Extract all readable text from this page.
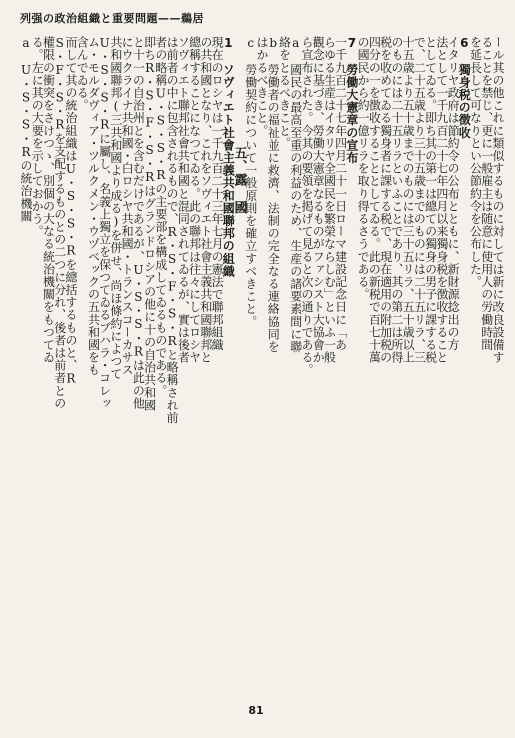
列强の政治組織と重要問題——鵜居
ール其の他これに類似するものに対しては新に改良設備す
ることを禁じ、更に一般雇主は随意に使用人の労働時間
を延長して可なりとい公節約令を公布した。
6　獨身税の徴收
イタリヤ政府は節約令の公布とともに、新財源捻出の方
法として一千九百二十七年四月以来獨身税を徴收すること
としてゐる。即ち其の第一は總ての獨身の男子に課する税
で、二十五歳より三十五歳までのものには二十五リラ、三
十五歳より五十歳までのものには三十五リラ、五十歳以上
のものには二十五リラといふことであり、其の第二は所得
税を收めてゐる獨身者に課する税で、現在適用の附加税の
四分の一を徴收することとしてゐる。此の新税で百七十萬
の國民から約一億リラを取り得るさうである。
7　勞働大憲章の宣布
一千九百二十七年四月二十一日ローマ建設記念日に「あ
らゆる生産はイタリヤ全國民を繁榮ならしむ」といふ一般
觀念に基づき、勞働大憲章なるものがファシスト大協會か
ら宣布された。今其の要領を掲げて見ると次の通りである。
a　國民の最高至重の利益のため、生産の諸要素間に聯
絡をとるべきこと。
b　勞働者の福祉並に救濟、法制の完全なる連絡協同を
はかるべきこと。
c　勞働契約について一般原則を確立すべきこと。
五、露　國
1　ソヴィエト社會主義共和國聯邦の組織
現在のロシヤは一千九百二十三年七月の憲法で聯邦組織
の共和國となり、これをソヴィエト社會主義共和國聯邦と
總稱することになつてゐる。此の聯邦は往々にしてロシヤ
ソヴィエト聯邦社會共和國と混同されてゐるが、實は後者
は前者の中に包含されるもので、R・S・F・S・Rと略稱され前
者の略稱U・S・S・Rの主要部を構成してゐるものである。
即ちR・S・F・S・Rはグランドロシアの他に十の自治共和國
と十一の自治州とを含むだけであるが、U・S・S・Rは此の他
にウクライナ共和國・白ロシヤ共和國・トランスコーカサス
共和國聯邦(三共和國より成る)を併せ、尚ほ條約によつて
U・S・S・Rに屬し、名義上獨立を保つてゐるブハラ・コレッ
ム・モルダヴィア・ツルクメン・ウヅベックの五共和國をも
含んでゐる。
而して其の統治組織はU・S・S・Rを總括するものと、R
S・F・S・Rを支配するものとの二つに分れ、後者は前者との
權限の衝突をさけつゝ、別個の大なる統治機關をもつてゐ
る。左に其の大要を示しておかう。
a　U・S・S・Rの統治機關
81
